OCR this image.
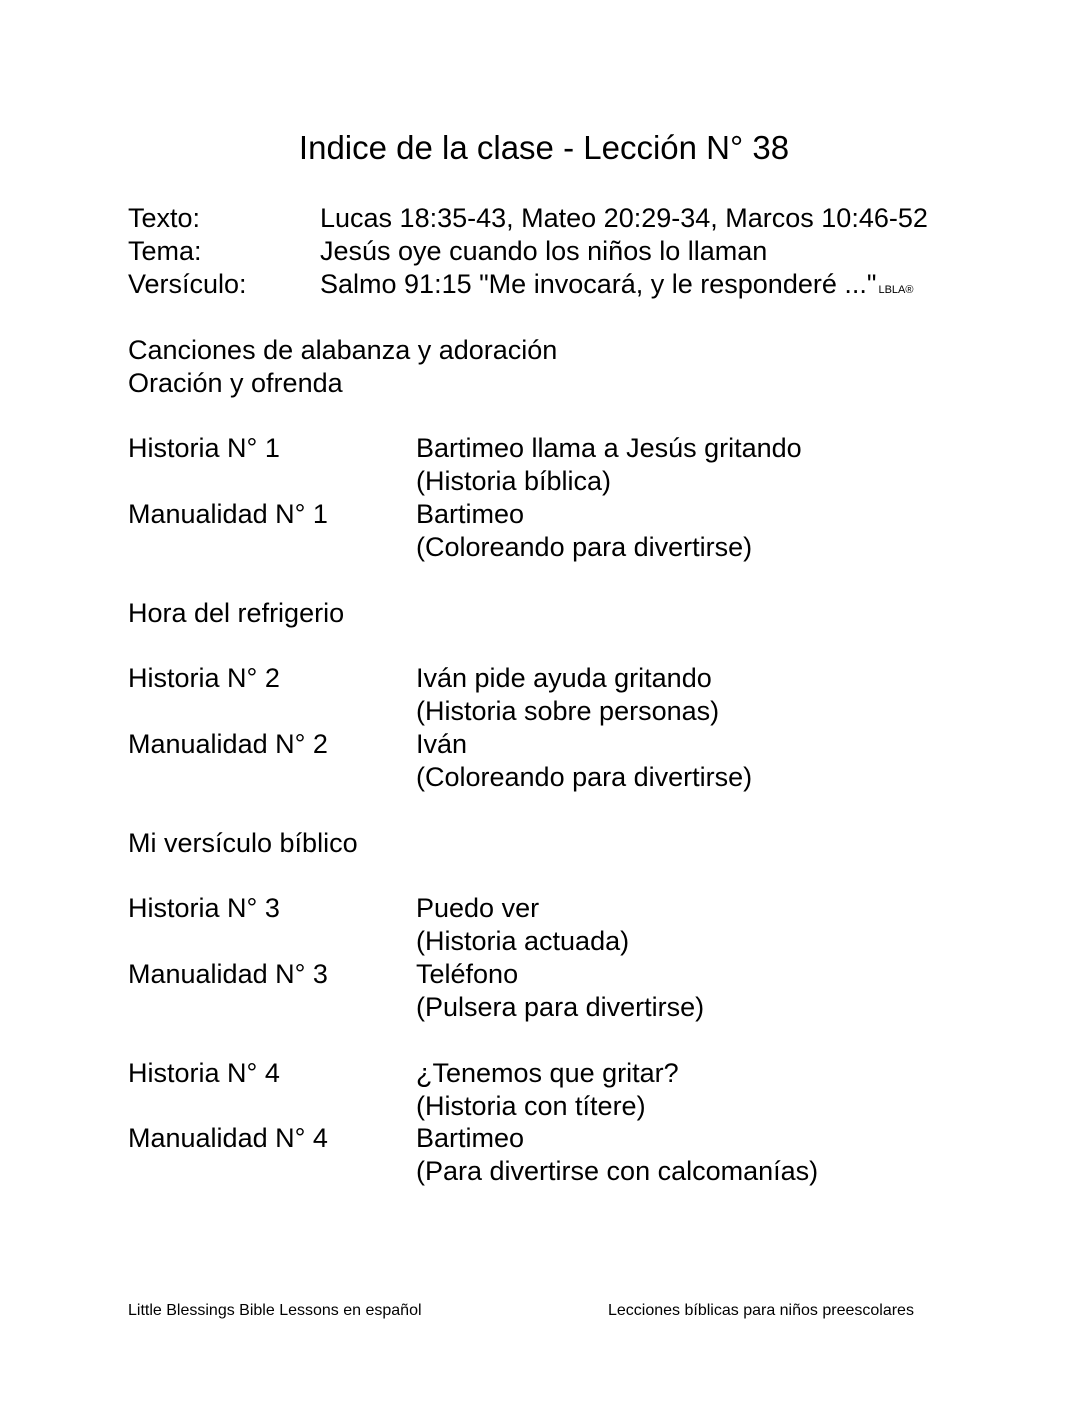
Indice de la clase - Lección N° 38
Texto:	Lucas 18:35-43, Mateo 20:29-34, Marcos 10:46-52
Tema:	Jesús oye cuando los niños lo llaman
Versículo:	Salmo 91:15 "Me invocará, y le responderé ..." LBLA®
Canciones de alabanza y adoración
Oración y ofrenda
Historia N° 1	Bartimeo llama a Jesús gritando
(Historia bíblica)
Manualidad N° 1	Bartimeo
(Coloreando para divertirse)
Hora del refrigerio
Historia N° 2	Iván pide ayuda gritando
(Historia sobre personas)
Manualidad N° 2	Iván
(Coloreando para divertirse)
Mi versículo bíblico
Historia N° 3	Puedo ver
(Historia actuada)
Manualidad N° 3	Teléfono
(Pulsera para divertirse)
Historia N° 4	¿Tenemos que gritar?
(Historia con títere)
Manualidad N° 4	Bartimeo
(Para divertirse con calcomanías)
Little Blessings Bible Lessons en español	Lecciones bíblicas para niños preescolares
